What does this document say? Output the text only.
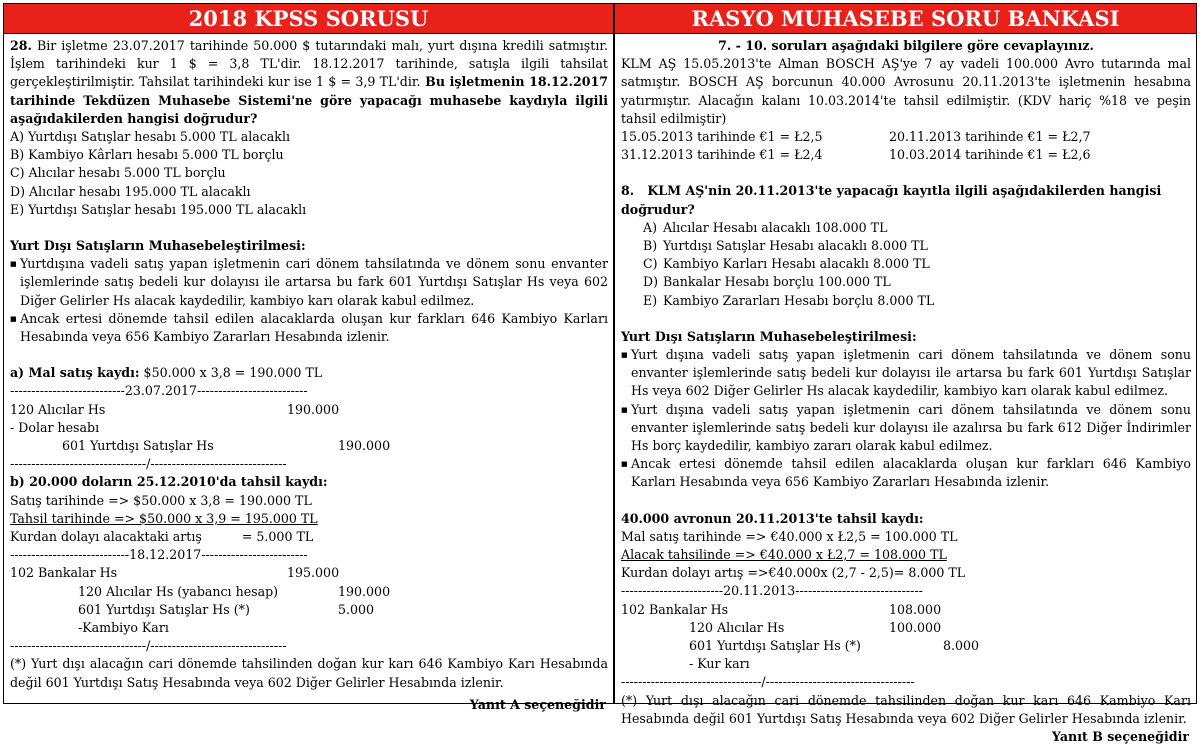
2018 KPSS SORUSU

28. Bir işletme 23.07.2017 tarihinde 50.000 $ tutarındaki malı, yurt dışına kredili satmıştır. İşlem tarihindeki kur 1 $ = 3,8 TL'dir. 18.12.2017 tarihinde, satışla ilgili tahsilat gerçekleştirilmiştir. Tahsilat tarihindeki kur ise 1 $ = 3,9 TL'dir. Bu işletmenin 18.12.2017 tarihinde Tekdüzen Muhasebe Sistemi'ne göre yapacağı muhasebe kaydıyla ilgili aşağıdakilerden hangisi doğrudur?

A) Yurtdışı Satışlar hesabı 5.000 TL alacaklı
B) Kambiyo Kârları hesabı 5.000 TL borçlu
C) Alıcılar hesabı 5.000 TL borçlu
D) Alıcılar hesabı 195.000 TL alacaklı
E) Yurtdışı Satışlar hesabı 195.000 TL alacaklı
Yurt Dışı Satışların Muhasebeleştirilmesi:
■ Yurtdışına vadeli satış yapan işletmenin cari dönem tahsilatında ve dönem sonu envanter işlemlerinde satış bedeli kur dolayısı ile artarsa bu fark 601 Yurtdışı Satışlar Hs veya 602 Diğer Gelirler Hs alacak kaydedilir, kambiyo karı olarak kabul edilmez.
■ Ancak ertesi dönemde tahsil edilen alacaklarda oluşan kur farkları 646 Kambiyo Karları Hesabında veya 656 Kambiyo Zararları Hesabında izlenir.
a) Mal satış kaydı: $50.000 x 3,8 = 190.000 TL
---------------------------23.07.2017--------------------------
120 Alıcılar Hs	190.000
- Dolar hesabı
601 Yurtdışı Satışlar Hs	190.000
--------------------------------/--------------------------------
b) 20.000 doların 25.12.2010'da tahsil kaydı:
Satış tarihinde => $50.000 x 3,8 = 190.000 TL
Tahsil tarihinde => $50.000 x 3,9 = 195.000 TL
Kurdan dolayı alacaktaki artış          = 5.000 TL
----------------------------18.12.2017-------------------------
102 Bankalar Hs	195.000
120 Alıcılar Hs (yabancı hesap)	190.000
601 Yurtdışı Satışlar Hs (*)	5.000
-Kambiyo Karı
--------------------------------/--------------------------------
(*) Yurt dışı alacağın cari dönemde tahsilinden doğan kur karı 646 Kambiyo Karı Hesabında değil 601 Yurtdışı Satış Hesabında veya 602 Diğer Gelirler Hesabında izlenir.
Yanıt A seçeneğidir
RASYO MUHASEBE SORU BANKASI
7. - 10. soruları aşağıdaki bilgilere göre cevaplayınız.
KLM AŞ 15.05.2013'te Alman BOSCH AŞ'ye 7 ay vadeli 100.000 Avro tutarında mal satmıştır. BOSCH AŞ borcunun 40.000 Avrosunu 20.11.2013'te işletmenin hesabına yatırmıştır. Alacağın kalanı 10.03.2014'te tahsil edilmiştir. (KDV hariç %18 ve peşin tahsil edilmiştir)
15.05.2013 tarihinde €1 = Ł2,5	20.11.2013 tarihinde €1 = Ł2,7
31.12.2013 tarihinde €1 = Ł2,4	10.03.2014 tarihinde €1 = Ł2,6
8. KLM AŞ'nin 20.11.2013'te yapacağı kayıtla ilgili aşağıdakilerden hangisi doğrudur?
A) Alıcılar Hesabı alacaklı 108.000 TL
B) Yurtdışı Satışlar Hesabı alacaklı 8.000 TL
C) Kambiyo Karları Hesabı alacaklı 8.000 TL
D) Bankalar Hesabı borçlu 100.000 TL
E) Kambiyo Zararları Hesabı borçlu 8.000 TL
Yurt Dışı Satışların Muhasebeleştirilmesi:
■ Yurt dışına vadeli satış yapan işletmenin cari dönem tahsilatında ve dönem sonu envanter işlemlerinde satış bedeli kur dolayısı ile artarsa bu fark 601 Yurtdışı Satışlar Hs veya 602 Diğer Gelirler Hs alacak kaydedilir, kambiyo karı olarak kabul edilmez.
■ Yurt dışına vadeli satış yapan işletmenin cari dönem tahsilatında ve dönem sonu envanter işlemlerinde satış bedeli kur dolayısı ile azalırsa bu fark 612 Diğer İndirimler Hs borç kaydedilir, kambiyo zararı olarak kabul edilmez.
■ Ancak ertesi dönemde tahsil edilen alacaklarda oluşan kur farkları 646 Kambiyo Karları Hesabında veya 656 Kambiyo Zararları Hesabında izlenir.
40.000 avronun 20.11.2013'te tahsil kaydı:
Mal satış tarihinde => €40.000 x Ł2,5 = 100.000 TL
Alacak tahsilinde => €40.000 x Ł2,7 = 108.000 TL
Kurdan dolayı artış =>€40.000x (2,7 - 2,5)= 8.000 TL
------------------------20.11.2013------------------------------
102 Bankalar Hs	108.000
120 Alıcılar Hs	100.000
601 Yurtdışı Satışlar Hs (*)	8.000
- Kur karı
---------------------------------/-----------------------------------
(*) Yurt dışı alacağın cari dönemde tahsilinden doğan kur karı 646 Kambiyo Karı Hesabında değil 601 Yurtdışı Satış Hesabında veya 602 Diğer Gelirler Hesabında izlenir.
Yanıt B seçeneğidir
